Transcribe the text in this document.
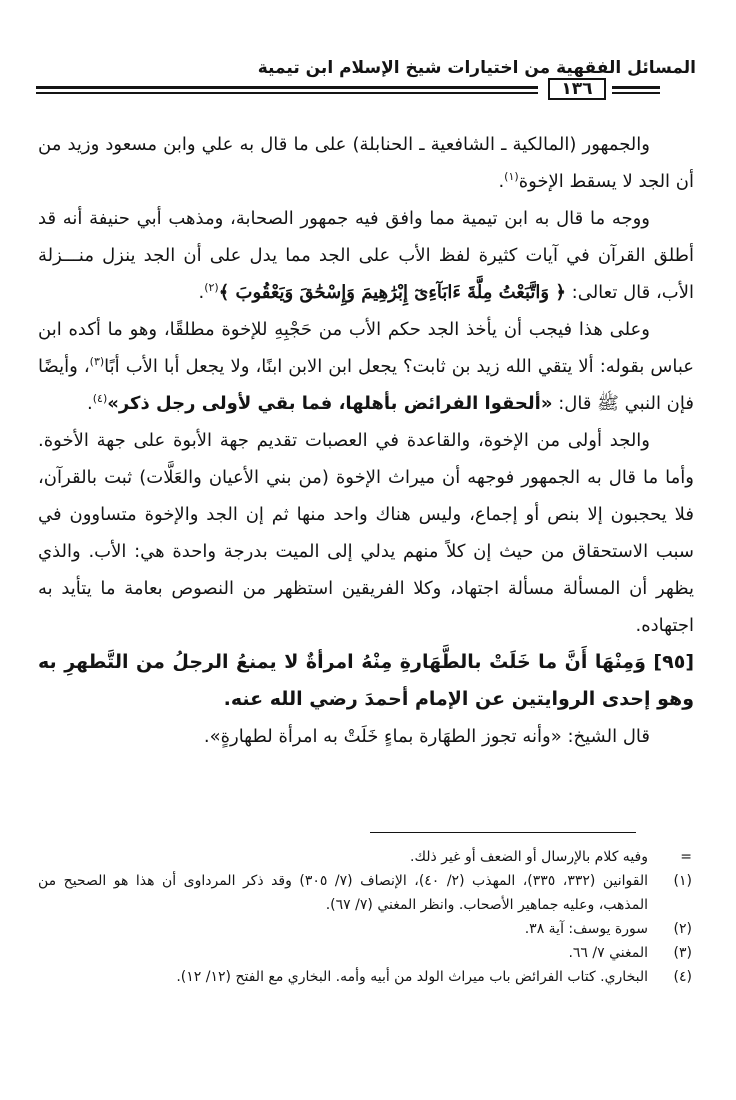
المسائل الفقهية من اختيارات شيخ الإسلام ابن تيمية
١٣٦

والجمهور (المالكية ـ الشافعية ـ الحنابلة) على ما قال به علي وابن مسعود وزيد من أن الجد لا يسقط الإخوة$^{(١)}$.

ووجه ما قال به ابن تيمية مما وافق فيه جمهور الصحابة، ومذهب أبي حنيفة أنه قد أطلق القرآن في آيات كثيرة لفظ الأب على الجد مما يدل على أن الجد ينزل منـــزلة الأب، قال تعالى: ﴿ وَاتَّبَعْتُ مِلَّةَ ءَابَآءِىٓ إِبْرَٰهِيمَ وَإِسْحَٰقَ وَيَعْقُوبَ ﴾$^{(٢)}$.

وعلى هذا فيجب أن يأخذ الجد حكم الأب من حَجْبِهِ للإخوة مطلقًا، وهو ما أكده ابن عباس بقوله: ألا يتقي الله زيد بن ثابت؟ يجعل ابن الابن ابنًا، ولا يجعل أبا الأب أبًا$^{(٣)}$، وأيضًا فإن النبي ﷺ قال: «ألحقوا الفرائض بأهلها، فما بقي لأولى رجل ذكر»$^{(٤)}$.

والجد أولى من الإخوة، والقاعدة في العصبات تقديم جهة الأبوة على جهة الأخوة. وأما ما قال به الجمهور فوجهه أن ميراث الإخوة (من بني الأعيان والعَلَّات) ثبت بالقرآن، فلا يحجبون إلا بنص أو إجماع، وليس هناك واحد منها ثم إن الجد والإخوة متساوون في سبب الاستحقاق من حيث إن كلاً منهم يدلي إلى الميت بدرجة واحدة هي: الأب. والذي يظهر أن المسألة مسألة اجتهاد، وكلا الفريقين استظهر من النصوص بعامة ما يتأيد به اجتهاده.

[٩٥] وَمِنْهَا أَنَّ ما خَلَتْ بالطَّهَارةِ مِنْهُ امرأةٌ لا يمنعُ الرجلُ من التَّطهرِ به وهو إحدى الروايتين عن الإمام أحمدَ رضي الله عنه.

قال الشيخ: «وأنه تجوز الطهَارة بماءٍ خَلَتْ به امرأة لطهارةٍ».

=
وفيه كلام بالإرسال أو الضعف أو غير ذلك.
(١)
القوانين (٣٣٢، ٣٣٥)، المهذب (٢/ ٤٠)، الإنصاف (٧/ ٣٠٥) وقد ذكر المرداوى أن هذا هو الصحيح من المذهب، وعليه جماهير الأصحاب. وانظر المغني (٧/ ٦٧).
(٢)
سورة يوسف: آية ٣٨.
(٣)
المغني ٧/ ٦٦.
(٤)
البخاري. كتاب الفرائض باب ميراث الولد من أبيه وأمه. البخاري مع الفتح (١٢/ ١٢).
